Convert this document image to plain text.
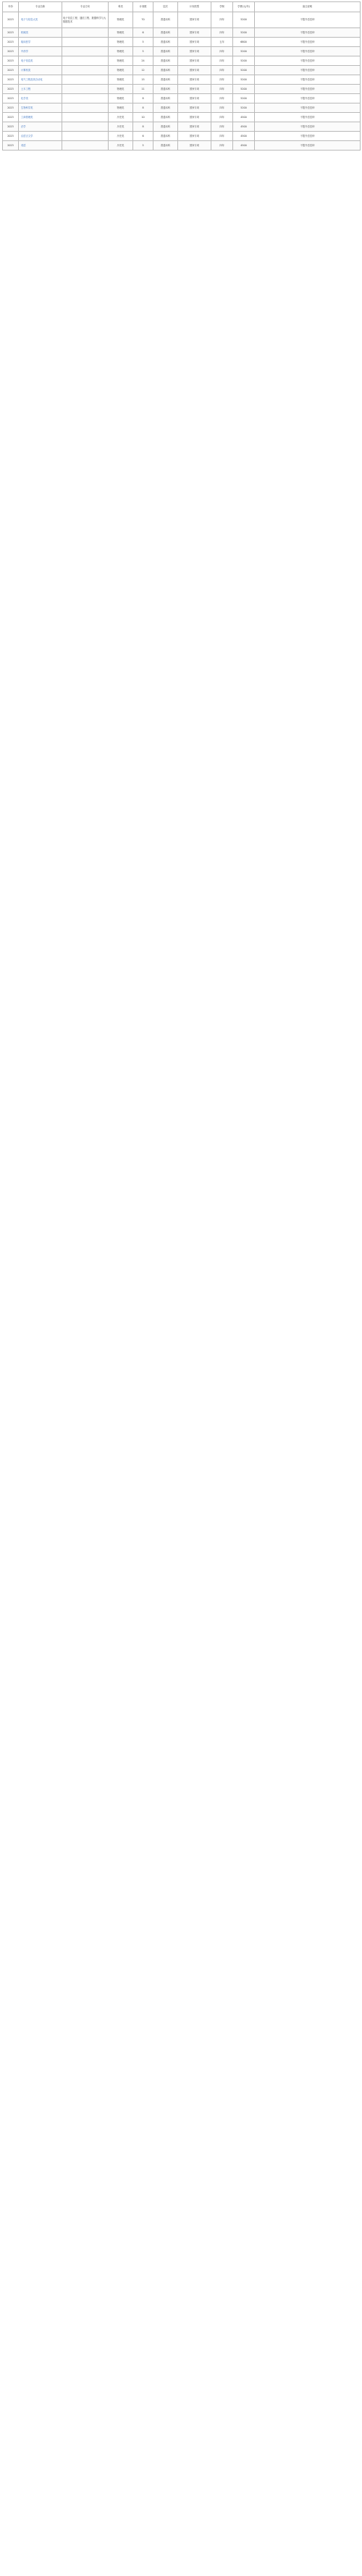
年份	专业名称	专业方向	科类	计划数	层次	计划类型	学制	学费(元/年)	备注说明
2023	电子与信息大类	电子信息工程、通信工程、数据科学与大数据技术	物理类	70	普通本科	国家专项	四年	5200	不限外语语种
2023	机械类		物理类	6	普通本科	国家专项	四年	5200	不限外语语种
2023	临床医学		物理类	5	普通本科	国家专项	五年	6800	不限外语语种
2023	中药学		物理类	5	普通本科	国家专项	四年	5200	不限外语语种
2023	电子信息类		物理类	24	普通本科	国家专项	四年	5200	不限外语语种
2023	计算机类		物理类	12	普通本科	国家专项	四年	5200	不限外语语种
2023	电气工程及其自动化		物理类	15	普通本科	国家专项	四年	5200	不限外语语种
2023	土木工程		物理类	11	普通本科	国家专项	四年	5200	不限外语语种
2023	化学类		物理类	8	普通本科	国家专项	四年	5200	不限外语语种
2023	生物科学类		物理类	8	普通本科	国家专项	四年	5200	不限外语语种
2023	工商管理类		历史类	10	普通本科	国家专项	四年	4500	不限外语语种
2023	法学		历史类	8	普通本科	国家专项	四年	4500	不限外语语种
2023	汉语言文学		历史类	6	普通本科	国家专项	四年	4500	不限外语语种
2023	英语		历史类	5	普通本科	国家专项	四年	4500	不限外语语种
